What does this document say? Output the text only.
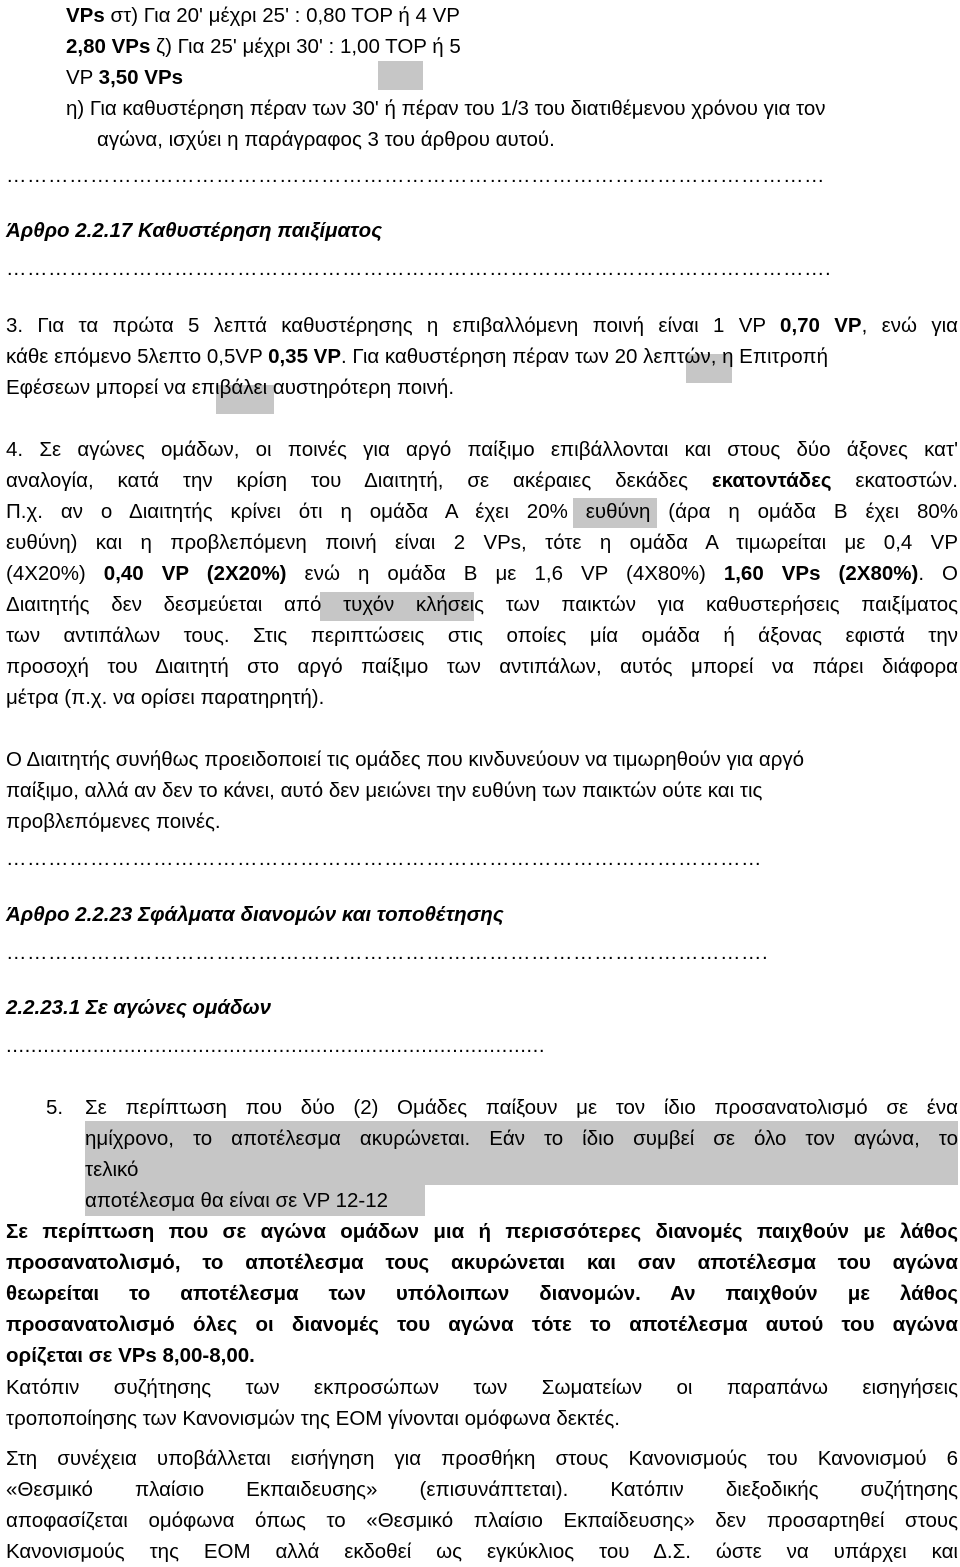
VPs στ) Για 20' μέχρι 25' : 0,80 ΤΟΡ ή 4 VP

2,80 VPs ζ) Για 25' μέχρι 30' : 1,00 ΤΟΡ ή 5

VP 3,50 VPs

η) Για καθυστέρηση πέραν των 30' ή πέραν του 1/3 του διατιθέμενου χρόνου για τον

αγώνα, ισχύει η παράγραφος 3 του άρθρου αυτού.

………………………………………………………………………………………………………

Άρθρο 2.2.17 Καθυστέρηση παιξίματος

……………………………………………………………………………………………………….

3. Για τα πρώτα 5 λεπτά καθυστέρησης η επιβαλλόμενη ποινή είναι 1 VP 0,70 VP, ενώ για

κάθε επόμενο 5λεπτο 0,5VP 0,35 VP. Για καθυστέρηση πέραν των 20 λεπτών, η Επιτροπή

Εφέσεων μπορεί να επιβάλει αυστηρότερη ποινή.

4. Σε αγώνες ομάδων, οι ποινές για αργό παίξιμο επιβάλλονται και στους δύο άξονες κατ'

αναλογία, κατά την κρίση του Διαιτητή, σε ακέραιες δεκάδες εκατοντάδες εκατοστών.

Π.χ. αν ο Διαιτητής κρίνει ότι η ομάδα Α έχει 20% ευθύνη (άρα η ομάδα Β έχει 80%

ευθύνη) και η προβλεπόμενη ποινή είναι 2 VPs, τότε η ομάδα Α τιμωρείται με 0,4 VP

(4Χ20%) 0,40 VP (2X20%) ενώ η ομάδα Β με 1,6 VP (4X80%) 1,60 VPs (2X80%). Ο

Διαιτητής δεν δεσμεύεται από τυχόν κλήσεις των παικτών για καθυστερήσεις παιξίματος

των αντιπάλων τους. Στις περιπτώσεις στις οποίες μία ομάδα ή άξονας εφιστά την

προσοχή του Διαιτητή στο αργό παίξιμο των αντιπάλων, αυτός μπορεί να πάρει διάφορα

μέτρα (π.χ. να ορίσει παρατηρητή).

Ο Διαιτητής συνήθως προειδοποιεί τις ομάδες που κινδυνεύουν να τιμωρηθούν για αργό

παίξιμο, αλλά αν δεν το κάνει, αυτό δεν μειώνει την ευθύνη των παικτών ούτε και τις

προβλεπόμενες ποινές.

………………………………………………………………………………………………

Άρθρο 2.2.23 Σφάλματα διανομών και τοποθέτησης

……………………………………………………………………………………………….

2.2.23.1 Σε αγώνες ομάδων

.......................................................................................

5. Σε περίπτωση που δύο (2) Ομάδες παίξουν με τον ίδιο προσανατολισμό σε ένα

ημίχρονο, το αποτέλεσμα ακυρώνεται. Εάν το ίδιο συμβεί σε όλο τον αγώνα, το

τελικό

αποτέλεσμα θα είναι σε VP 12-12

Σε περίπτωση που σε αγώνα ομάδων μια ή περισσότερες διανομές παιχθούν με λάθος

προσανατολισμό, το αποτέλεσμα τους ακυρώνεται και σαν αποτέλεσμα του αγώνα

θεωρείται το αποτέλεσμα των υπόλοιπων διανομών. Αν παιχθούν με λάθος

προσανατολισμό όλες οι διανομές του αγώνα τότε το αποτέλεσμα αυτού του αγώνα

ορίζεται σε VPs 8,00-8,00.

Κατόπιν συζήτησης των εκπροσώπων των Σωματείων οι παραπάνω εισηγήσεις

τροποποίησης των Κανονισμών της ΕΟΜ γίνονται ομόφωνα δεκτές.

Στη συνέχεια υποβάλλεται εισήγηση για προσθήκη στους Κανονισμούς του Κανονισμού 6

«Θεσμικό πλαίσιο Εκπαιδευσης» (επισυνάπτεται). Κατόπιν διεξοδικής συζήτησης

αποφασίζεται ομόφωνα όπως το «Θεσμικό πλαίσιο Εκπαίδευσης» δεν προσαρτηθεί στους

Κανονισμούς της ΕΟΜ αλλά εκδοθεί ως εγκύκλιος του Δ.Σ. ώστε να υπάρχει και
